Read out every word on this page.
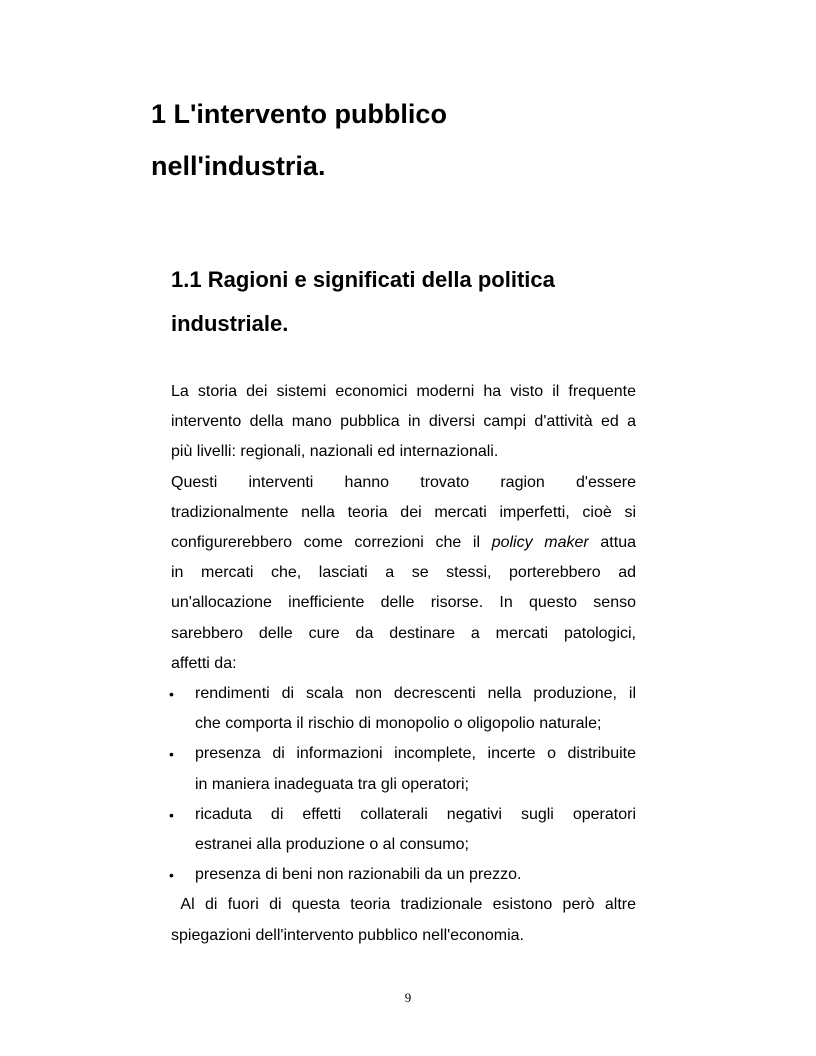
1 L'intervento pubblico
nell'industria.
1.1 Ragioni e significati della politica
industriale.

La storia dei sistemi economici moderni ha visto il frequente
intervento della mano pubblica in diversi campi d'attività ed a
più livelli: regionali, nazionali ed internazionali.

Questi interventi hanno trovato ragion d'essere
tradizionalmente nella teoria dei mercati imperfetti, cioè si
configurerebbero come correzioni che il policy maker attua
in mercati che, lasciati a se stessi, porterebbero ad
un'allocazione inefficiente delle risorse. In questo senso
sarebbero delle cure da destinare a mercati patologici,
affetti da:

• rendimenti di scala non decrescenti nella produzione, il
che comporta il rischio di monopolio o oligopolio naturale;
• presenza di informazioni incomplete, incerte o distribuite
in maniera inadeguata tra gli operatori;
• ricaduta di effetti collaterali negativi sugli operatori
estranei alla produzione o al consumo;
• presenza di beni non razionabili da un prezzo.

Al di fuori di questa teoria tradizionale esistono però altre
spiegazioni dell'intervento pubblico nell'economia.

9
